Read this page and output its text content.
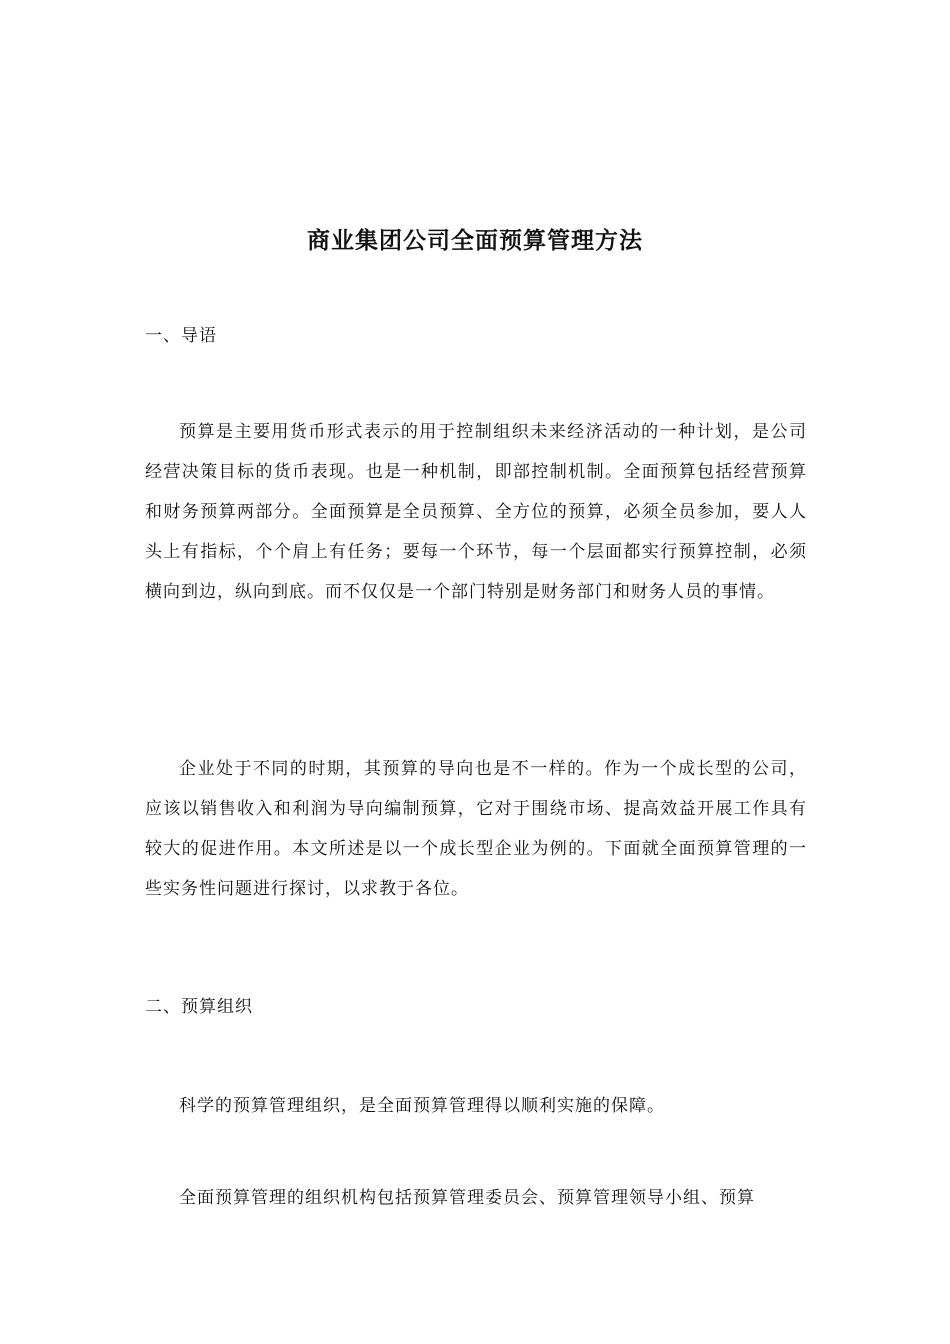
商业集团公司全面预算管理方法
一、导语
预算是主要用货币形式表示的用于控制组织未来经济活动的一种计划，是公司经营决策目标的货币表现。也是一种机制，即部控制机制。全面预算包括经营预算和财务预算两部分。全面预算是全员预算、全方位的预算，必须全员参加，要人人头上有指标，个个肩上有任务；要每一个环节，每一个层面都实行预算控制，必须横向到边，纵向到底。而不仅仅是一个部门特别是财务部门和财务人员的事情。
企业处于不同的时期，其预算的导向也是不一样的。作为一个成长型的公司，应该以销售收入和利润为导向编制预算，它对于围绕市场、提高效益开展工作具有较大的促进作用。本文所述是以一个成长型企业为例的。下面就全面预算管理的一些实务性问题进行探讨，以求教于各位。
二、预算组织
科学的预算管理组织，是全面预算管理得以顺利实施的保障。
全面预算管理的组织机构包括预算管理委员会、预算管理领导小组、预算
